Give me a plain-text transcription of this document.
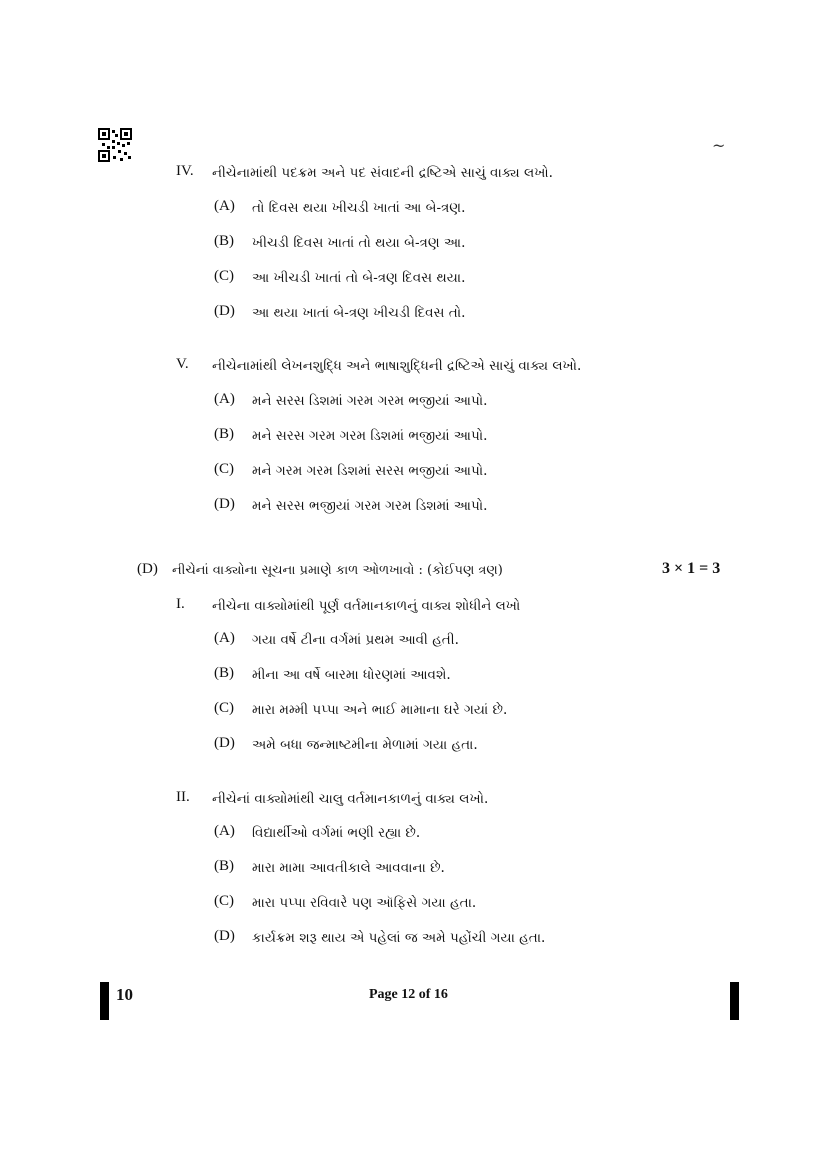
~
IV. નીચેનામાંથી પદક્રમ અને પદ સંવાદની દ્રષ્ટિએ સાચું વાક્ય લખો.
(A) તો દિવસ થયા ખીચડી ખાતાં આ બે-ત્રણ.
(B) ખીચડી દિવસ ખાતાં તો થયા બે-ત્રણ આ.
(C) આ ખીચડી ખાતાં તો બે-ત્રણ દિવસ થયા.
(D) આ થયા ખાતાં બે-ત્રણ ખીચડી દિવસ તો.
V. નીચેનામાંથી લેખનશુદ્ધિ અને ભાષાશુદ્ધિની દ્રષ્ટિએ સાચું વાક્ય લખો.
(A) મને સરસ ડિશમાં ગરમ ગરમ ભજીયાં આપો.
(B) મને સરસ ગરમ ગરમ ડિશમાં ભજીયાં આપો.
(C) મને ગરમ ગરમ ડિશમાં સરસ ભજીયાં આપો.
(D) મને સરસ ભજીયાં ગરમ ગરમ ડિશમાં આપો.
(D) નીચેનાં વાક્યોના સૂચના પ્રમાણે કાળ ઓળખાવો : (કોઈપણ ત્રણ)	3 × 1 = 3
I. નીચેના વાક્યોમાંથી પૂર્ણ વર્તમાનકાળનું વાક્ય શોધીને લખો
(A) ગયા વર્ષે ટીના વર્ગમાં પ્રથમ આવી હતી.
(B) મીના આ વર્ષે બારમા ધોરણમાં આવશે.
(C) મારા મમ્મી પપ્પા અને ભાઈ મામાના ઘરે ગયાં છે.
(D) અમે બધા જન્માષ્ટમીના મેળામાં ગયા હતા.
II. નીચેનાં વાક્યોમાંથી ચાલુ વર્તમાનકાળનું વાક્ય લખો.
(A) વિદ્યાર્થીઓ વર્ગમાં ભણી રહ્યા છે.
(B) મારા મામા આવતીકાલે આવવાના છે.
(C) મારા પપ્પા રવિવારે પણ ઑફિસે ગયા હતા.
(D) કાર્યક્રમ શરૂ થાય એ પહેલાં જ અમે પહોંચી ગયા હતા.
10	Page 12 of 16
